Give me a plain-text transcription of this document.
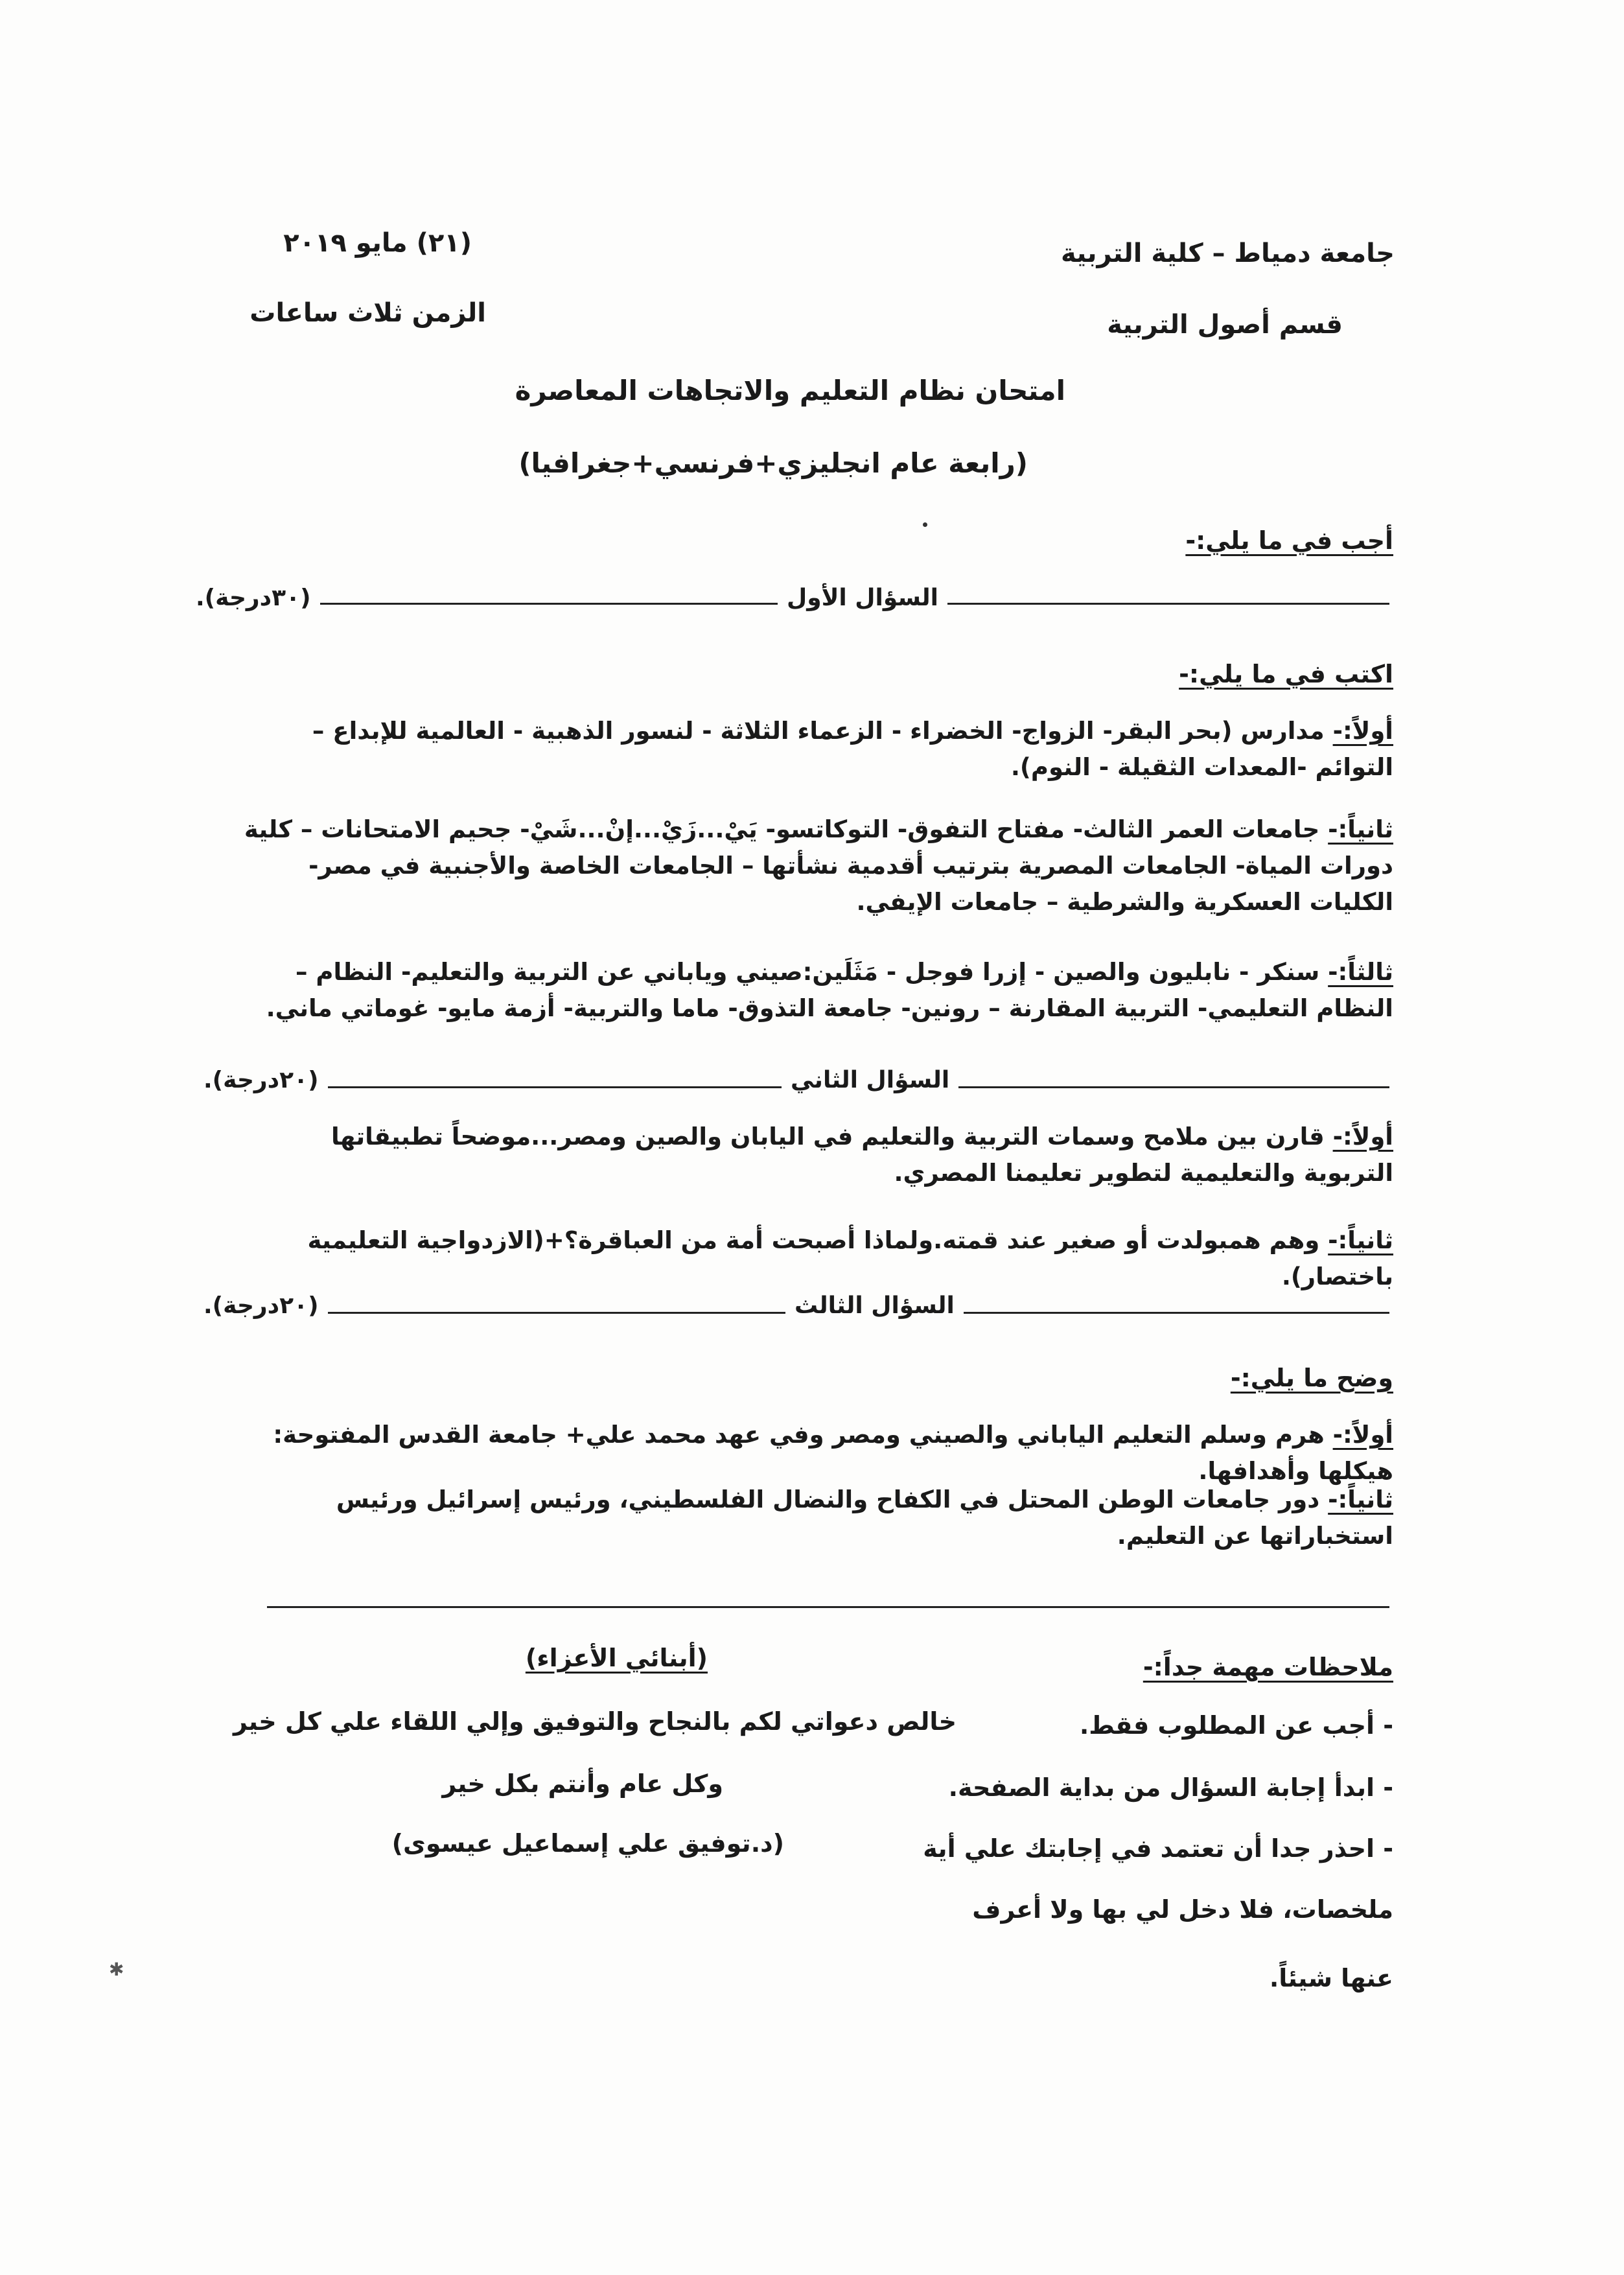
جامعة دمياط – كلية التربية
قسم أصول التربية
(٢١) مايو ٢٠١٩
الزمن ثلاث ساعات
امتحان نظام التعليم والاتجاهات المعاصرة
(رابعة عام انجليزي+فرنسي+جغرافيا)
أجب في ما يلي:-
السؤال الأول
(٣٠درجة).
اكتب في ما يلي:-
أولاً:- مدارس (بحر البقر- الزواج- الخضراء - الزعماء الثلاثة - لنسور الذهبية - العالمية للإبداع – التوائم -المعدات الثقيلة - النوم).
ثانياً:- جامعات العمر الثالث- مفتاح التفوق- التوكاتسو- يَيْ...زَيْ...إنْ...شَيْ- جحيم الامتحانات – كلية دورات المياة- الجامعات المصرية بترتيب أقدمية نشأتها – الجامعات الخاصة والأجنبية في مصر- الكليات العسكرية والشرطية – جامعات الإيفي.
ثالثاً:- سنكر - نابليون والصين - إزرا فوجل - مَثَلَين:صيني وياباني عن التربية والتعليم- النظام – النظام التعليمي- التربية المقارنة – رونين- جامعة التذوق- ماما والتربية- أزمة مايو- غوماتي ماني.
السؤال الثاني
(٢٠درجة).
أولاً:- قارن بين ملامح وسمات التربية والتعليم في اليابان والصين ومصر...موضحاً تطبيقاتها التربوية والتعليمية لتطوير تعليمنا المصري.
ثانياً:- وهم همبولدت أو صغير عند قمته.ولماذا أصبحت أمة من العباقرة؟+(الازدواجية التعليمية باختصار).
السؤال الثالث
(٢٠درجة).
وضح ما يلي:-
أولاً:- هرم وسلم التعليم الياباني والصيني ومصر وفي عهد محمد علي+ جامعة القدس المفتوحة: هيكلها وأهدافها.
ثانياً:- دور جامعات الوطن المحتل في الكفاح والنضال الفلسطيني، ورئيس إسرائيل ورئيس استخباراتها عن التعليم.
ملاحظات مهمة جداً:-
- أجب عن المطلوب فقط.
- ابدأ إجابة السؤال من بداية الصفحة.
- احذر جدا أن تعتمد في إجابتك علي أية
ملخصات، فلا دخل لي بها ولا أعرف
عنها شيئاً.
(أبنائي الأعزاء)
خالص دعواتي لكم بالنجاح والتوفيق وإلي اللقاء علي كل خير
وكل عام وأنتم بكل خير
(د.توفيق علي إسماعيل عيسوى)
✱
